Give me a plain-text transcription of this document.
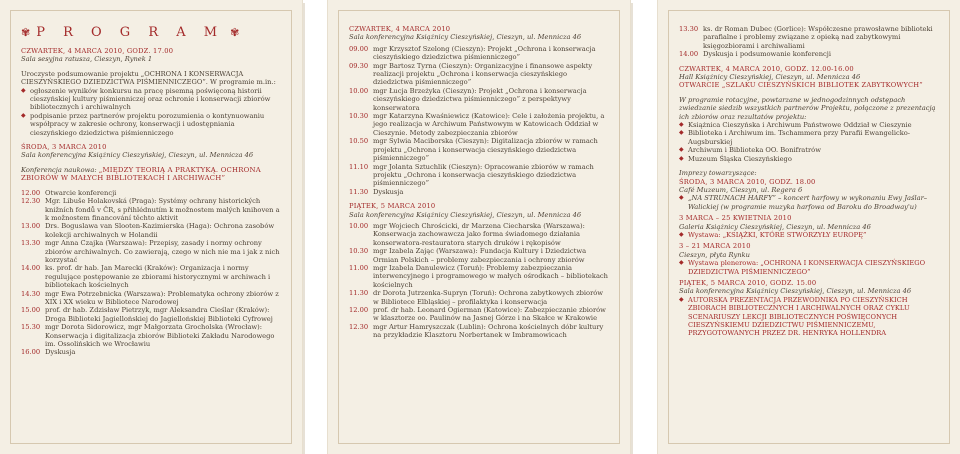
✾ P R O G R A M ✾

CZWARTEK, 4 MARCA 2010, GODZ. 17.00

Sala sesyjna ratusza, Cieszyn, Rynek 1

Uroczyste podsumowanie projektu „OCHRONA I KONSERWACJA CIESZYŃSKIEGO DZIEDZICTWA PIŚMIENNICZEGO”. W programie m.in.:

◆ ogłoszenie wyników konkursu na pracę pisemną poświęconą historii cieszyńskiej kultury piśmienniczej oraz ochronie i konserwacji zbiorów bibliotecznych i archiwalnych
◆ podpisanie przez partnerów projektu porozumienia o kontynuowaniu współpracy w zakresie ochrony, konserwacji i udostępniania cieszyńskiego dziedzictwa piśmienniczego

ŚRODA, 3 MARCA 2010

Sala konferencyjna Książnicy Cieszyńskiej, Cieszyn, ul. Mennicza 46

Konferencja naukowa: „MIĘDZY TEORIĄ A PRAKTYKĄ. OCHRONA ZBIORÓW W MAŁYCH BIBLIOTEKACH I ARCHIWACH”

12.00 Otwarcie konferencji
12.30 Mgr. Libuše Holakovská (Praga): Systémy ochrany historických knižních fondů v ČR, s přihlédnutím k možnostem malých knihoven a k možnostem financování těchto aktivit
13.00 Drs. Boguslawa van Slooten-Kazimierska (Haga): Ochrona zasobów kolekcji archiwalnych w Holandii
13.30 mgr Anna Czajka (Warszawa): Przepisy, zasady i normy ochrony zbiorów archiwalnych. Co zawierają, czego w nich nie ma i jak z nich korzystać
14.00 ks. prof. dr hab. Jan Marecki (Kraków): Organizacja i normy regulujące postępowanie ze zbiorami historycznymi w archiwach i bibliotekach kościelnych
14.30 mgr Ewa Potrzebnicka (Warszawa): Problematyka ochrony zbiorów z XIX i XX wieku w Bibliotece Narodowej
15.00 prof. dr hab. Zdzisław Pietrzyk, mgr Aleksandra Cieślar (Kraków): Droga Biblioteki Jagiellońskiej do Jagiellońskiej Biblioteki Cyfrowej
15.30 mgr Dorota Sidorowicz, mgr Małgorzata Grocholska (Wrocław): Konserwacja i digitalizacja zbiorów Biblioteki Zakładu Narodowego im. Ossolińskich we Wrocławiu
16.00 Dyskusja

CZWARTEK, 4 MARCA 2010

Sala konferencyjna Książnicy Cieszyńskiej, Cieszyn, ul. Mennicza 46

09.00 mgr Krzysztof Szelong (Cieszyn): Projekt „Ochrona i konserwacja cieszyńskiego dziedzictwa piśmienniczego”
09.30 mgr Bartosz Tyrna (Cieszyn): Organizacyjne i finansowe aspekty realizacji projektu „Ochrona i konserwacja cieszyńskiego dziedzictwa piśmienniczego”
10.00 mgr Łucja Brzeżyka (Cieszyn): Projekt „Ochrona i konserwacja cieszyńskiego dziedzictwa piśmienniczego” z perspektywy konserwatora
10.30 mgr Katarzyna Kwaśniewicz (Katowice): Cele i założenia projektu, a jego realizacja w Archiwum Państwowym w Katowicach Oddział w Cieszynie. Metody zabezpieczania zbiorów
10.50 mgr Sylwia Maciborska (Cieszyn): Digitalizacja zbiorów w ramach projektu „Ochrona i konserwacja cieszyńskiego dziedzictwa piśmienniczego”
11.10 mgr Jolanta Sztuchlik (Cieszyn): Opracowanie zbiorów w ramach projektu „Ochrona i konserwacja cieszyńskiego dziedzictwa piśmienniczego”
11.30 Dyskusja

PIĄTEK, 5 MARCA 2010

Sala konferencyjna Książnicy Cieszyńskiej, Cieszyn, ul. Mennicza 46

10.00 mgr Wojciech Chrościcki, dr Marzena Ciecharska (Warszawa): Konserwacja zachowawcza jako forma świadomego działania konserwatora-restauratora starych druków i rękopisów
10.30 mgr Izabela Zając (Warszawa): Fundacja Kultury i Dziedzictwa Ormian Polskich – problemy zabezpieczania i ochrony zbiorów
11.00 mgr Izabela Danulewicz (Toruń): Problemy zabezpieczania interwencyjnego i programowego w małych ośrodkach – bibliotekach kościelnych
11.30 dr Dorota Jutrzenka-Supryn (Toruń): Ochrona zabytkowych zbiorów w Bibliotece Elbląskiej – profilaktyka i konserwacja
12.00 prof. dr hab. Leonard Ogierman (Katowice): Zabezpieczanie zbiorów w klasztorze oo. Paulinów na Jasnej Górze i na Skałce w Krakowie
12.30 mgr Artur Hamryszczak (Lublin): Ochrona kościelnych dóbr kultury na przykładzie Klasztoru Norbertanek w Imbramowicach
13.30 ks. dr Roman Dubec (Gorlice): Współczesne prawosławne biblioteki parafialne i problemy związane z opieką nad zabytkowymi księgozbiorami i archiwaliami
14.00 Dyskusja i podsumowanie konferencji

CZWARTEK, 4 MARCA 2010, GODZ. 12.00-16.00

Hall Książnicy Cieszyńskiej, Cieszyn, ul. Mennicza 46

OTWARCIE „SZLAKU CIESZYŃSKICH BIBLIOTEK ZABYTKOWYCH”

W programie rotacyjne, powtarzane w jednogodzinnych odstępach zwiedzanie siedzib wszystkich partnerów Projektu, połączone z prezentacją ich zbiorów oraz rezultatów projektu:

◆ Książnica Cieszyńska i Archiwum Państwowe Oddział w Cieszynie
◆ Biblioteka i Archiwum im. Tschammera przy Parafii Ewangelicko-Augsburskiej
◆ Archiwum i Biblioteka OO. Bonifratrów
◆ Muzeum Śląska Cieszyńskiego

Imprezy towarzyszące:

ŚRODA, 3 MARCA 2010, GODZ. 18.00

Café Muzeum, Cieszyn, ul. Regera 6

◆ „NA STRUNACH HARFY” – koncert harfowy w wykonaniu Ewy Jaślar–Walickiej (w programie muzyka harfowa od Baroku do Broadway'u)

3 MARCA – 25 KWIETNIA 2010

Galeria Książnicy Cieszyńskiej, Cieszyn, ul. Mennicza 46

◆ Wystawa: „KSIĄŻKI, KTÓRE STWORZYŁY EUROPĘ”

3 – 21 MARCA 2010

Cieszyn, płyta Rynku

◆ Wystawa plenerowa: „OCHRONA I KONSERWACJA CIESZYŃSKIEGO DZIEDZICTWA PIŚMIENNICZEGO”

PIĄTEK, 5 MARCA 2010, GODZ. 15.00

Sala konferencyjna Książnicy Cieszyńskiej, Cieszyn, ul. Mennicza 46

◆ AUTORSKA PREZENTACJA PRZEWODNIKA PO CIESZYŃSKICH ZBIORACH BIBLIOTECZNYCH I ARCHIWALNYCH ORAZ CYKLU SCENARIUSZY LEKCJI BIBLIOTECZNYCH POŚWIĘCONYCH CIESZYŃSKIEMU DZIEDZICTWU PIŚMIENNICZEMU, PRZYGOTOWANYCH PRZEZ DR. HENRYKA HOLLENDRA
